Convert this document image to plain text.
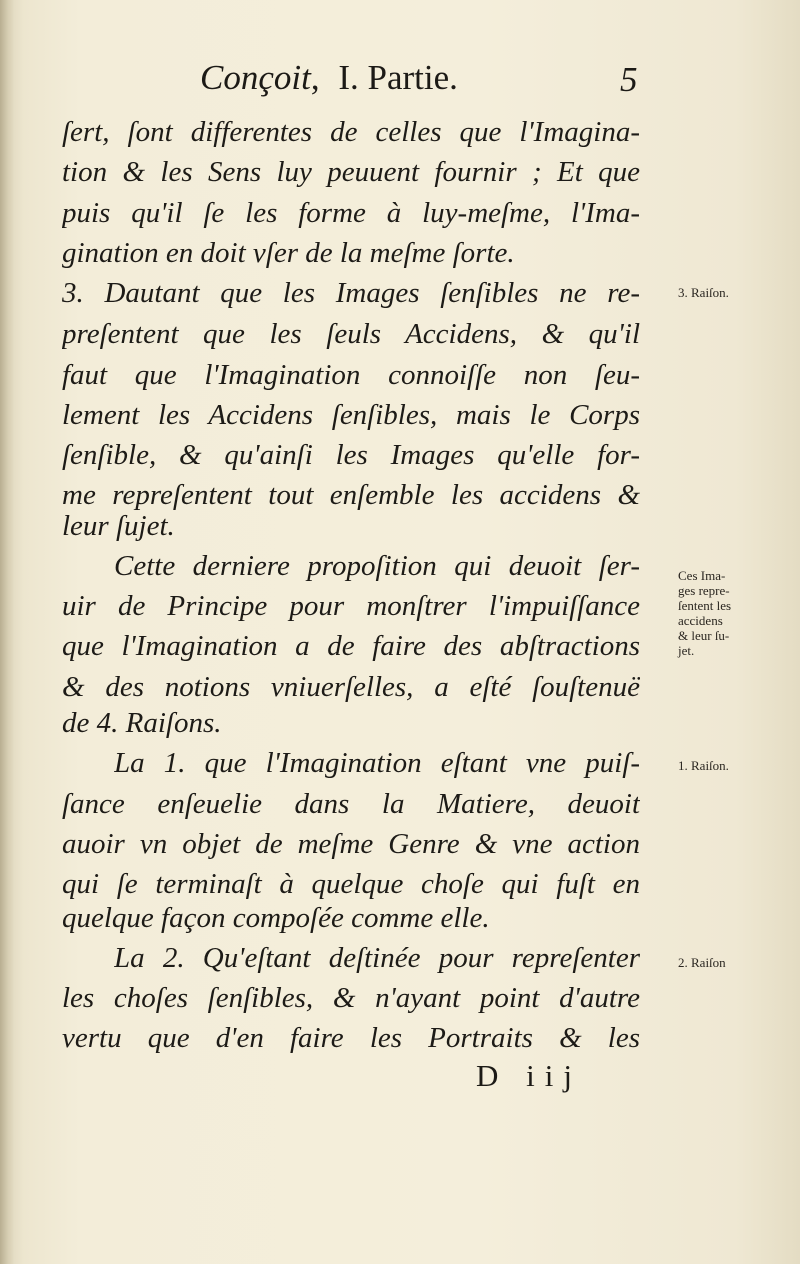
Conçoit, I. Partie.	5
ſert, ſont differentes de celles que l'Imagina-
tion & les Sens luy peuuent fournir ; Et que
puis qu'il ſe les forme à luy-meſme, l'Ima-
gination en doit vſer de la meſme ſorte.
3. Dautant que les Images ſenſibles ne re-
preſentent que les ſeuls Accidens, & qu'il
faut que l'Imagination connoiſſe non ſeu-
lement les Accidens ſenſibles, mais le Corps
ſenſible, & qu'ainſi les Images qu'elle for-
me repreſentent tout enſemble les accidens &
leur ſujet.
Cette derniere propoſition qui deuoit ſer-
uir de Principe pour monſtrer l'impuiſſance
que l'Imagination a de faire des abſtractions
& des notions vniuerſelles, a eſté ſouſtenuë
de 4. Raiſons.
La 1. que l'Imagination eſtant vne puiſ-
ſance enſeuelie dans la Matiere, deuoit
auoir vn objet de meſme Genre & vne action
qui ſe terminaſt à quelque choſe qui fuſt en
quelque façon compoſée comme elle.
La 2. Qu'eſtant deſtinée pour repreſenter
les choſes ſenſibles, & n'ayant point d'autre
vertu que d'en faire les Portraits & les
3. Raiſon.
Ces Ima-
ges repre-
ſentent les
accidens
& leur ſu-
jet.
1. Raiſon.
2. Raiſon
D iij
